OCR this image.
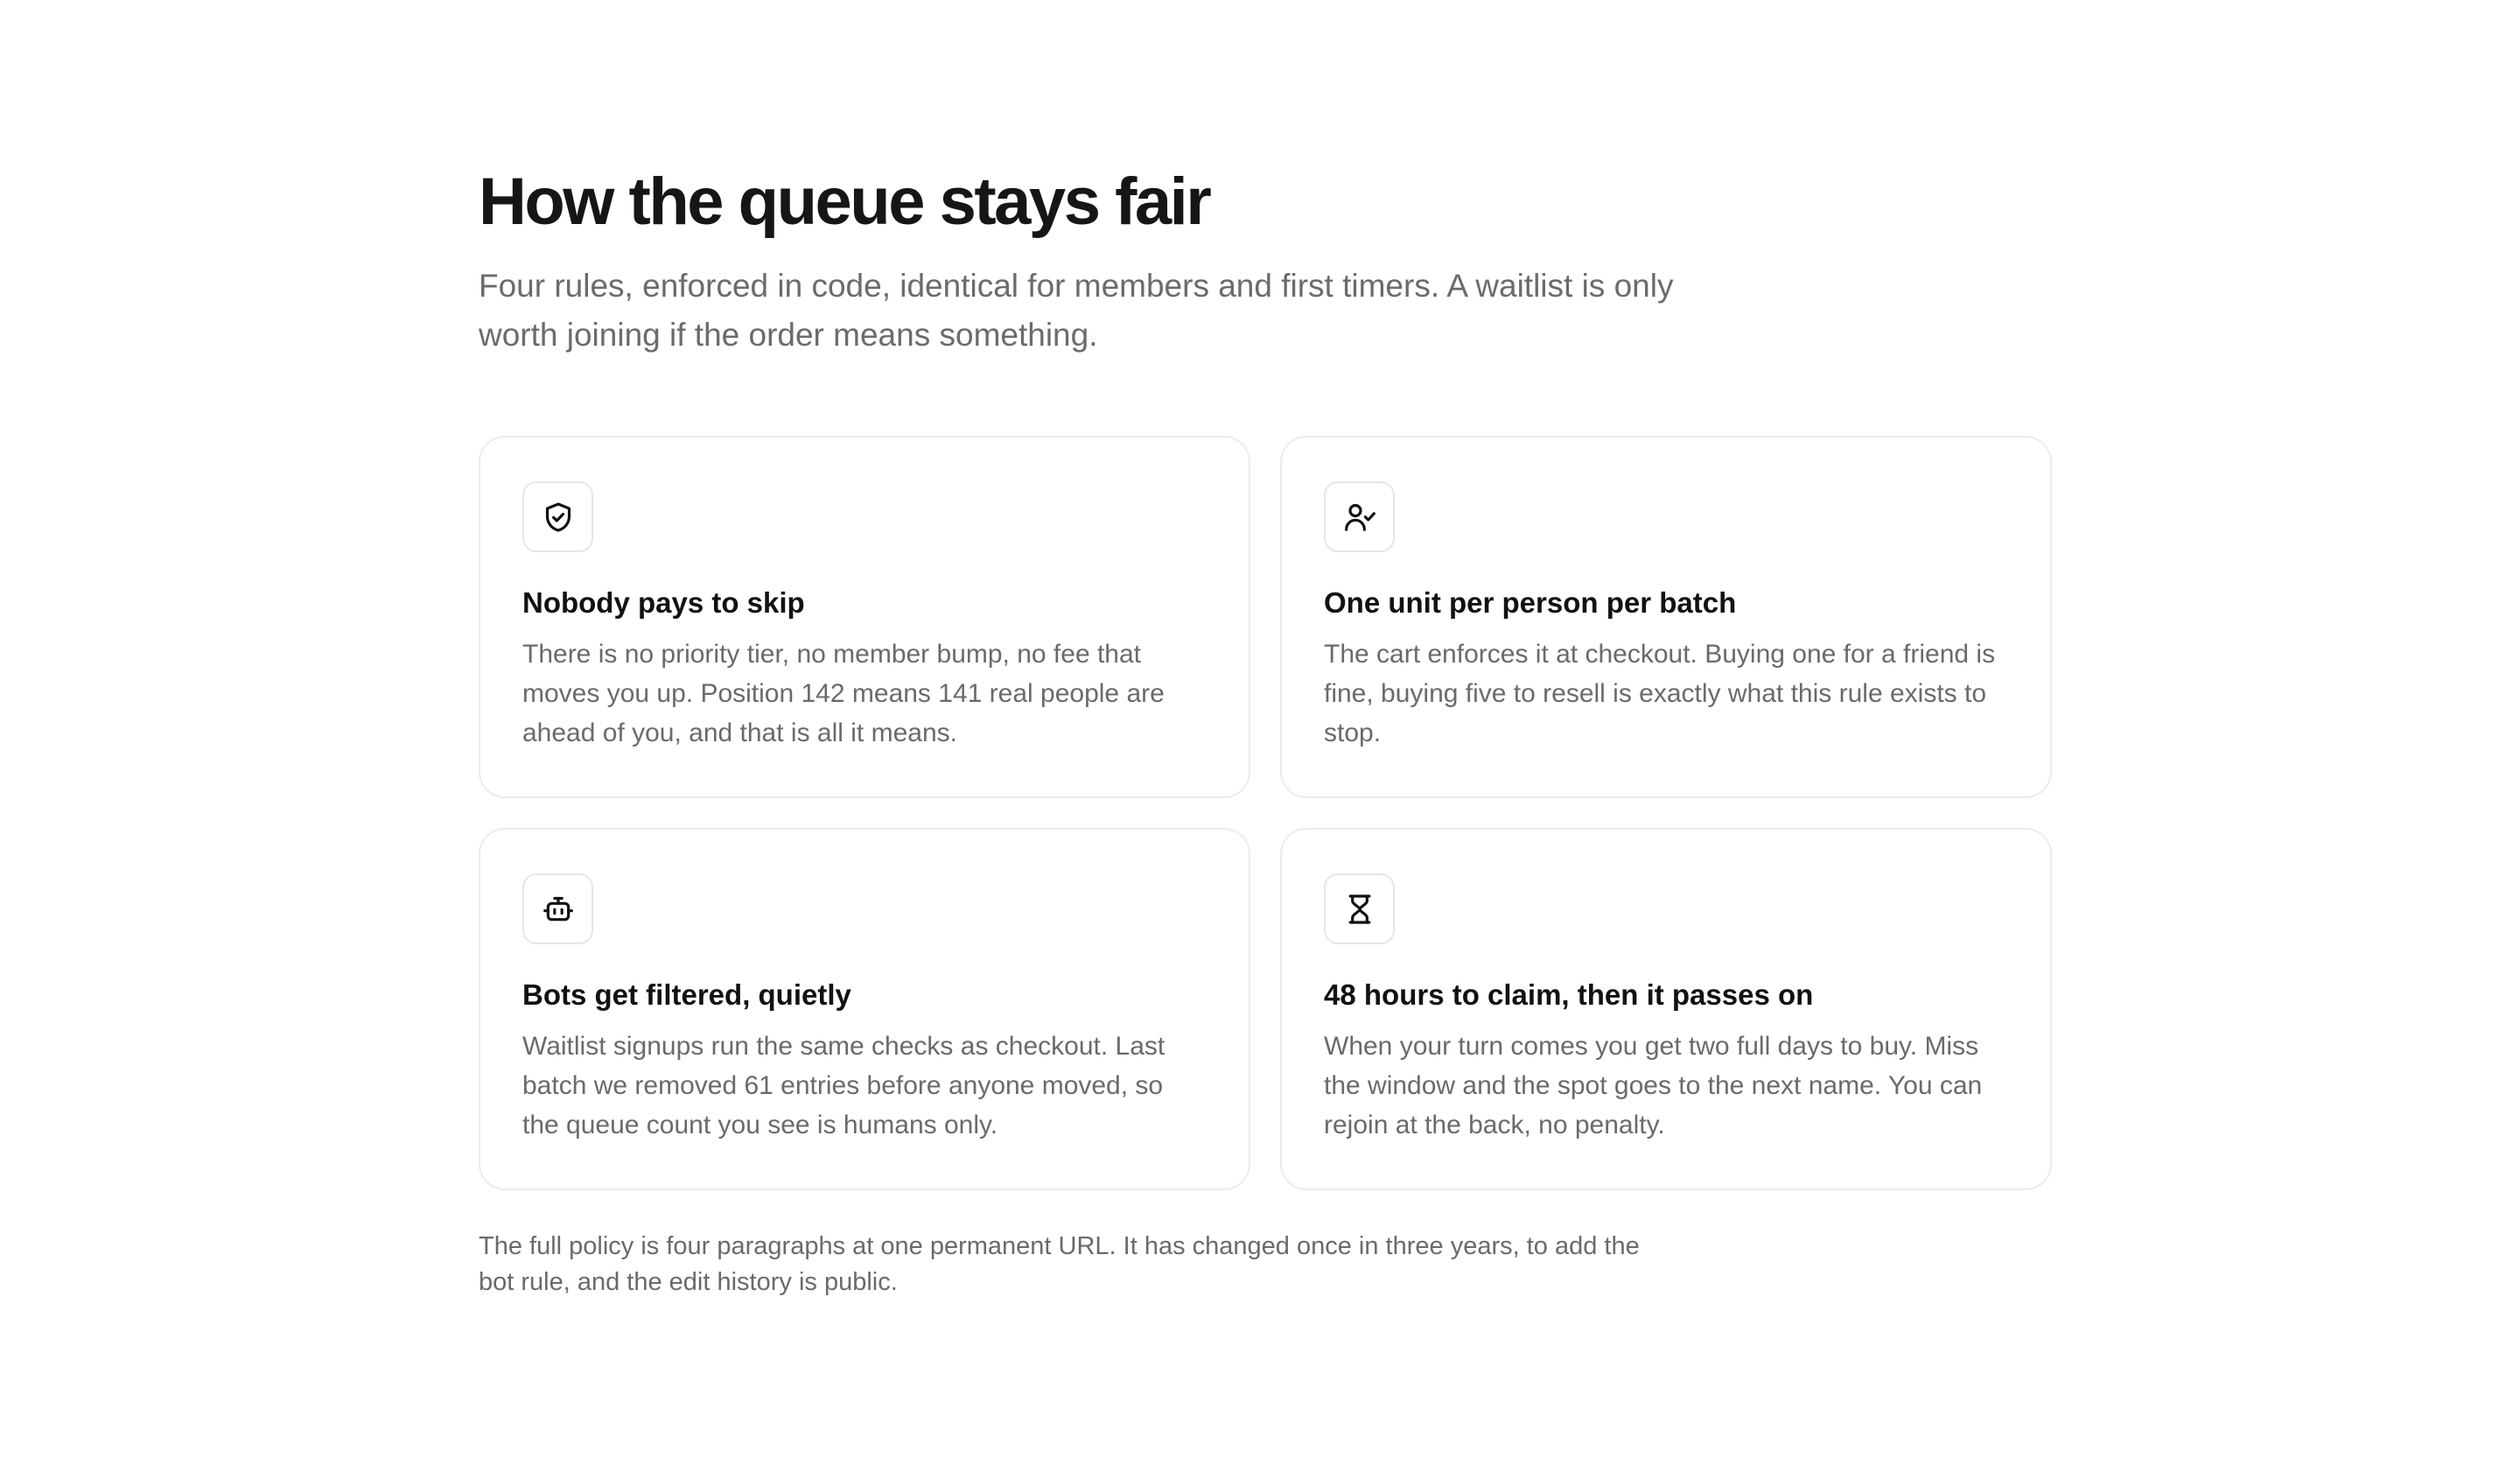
How the queue stays fair

Four rules, enforced in code, identical for members and first timers. A waitlist is only worth joining if the order means something.

Nobody pays to skip
There is no priority tier, no member bump, no fee that moves you up. Position 142 means 141 real people are ahead of you, and that is all it means.
One unit per person per batch
The cart enforces it at checkout. Buying one for a friend is fine, buying five to resell is exactly what this rule exists to stop.
Bots get filtered, quietly
Waitlist signups run the same checks as checkout. Last batch we removed 61 entries before anyone moved, so the queue count you see is humans only.
48 hours to claim, then it passes on
When your turn comes you get two full days to buy. Miss the window and the spot goes to the next name. You can rejoin at the back, no penalty.

The full policy is four paragraphs at one permanent URL. It has changed once in three years, to add the bot rule, and the edit history is public.
